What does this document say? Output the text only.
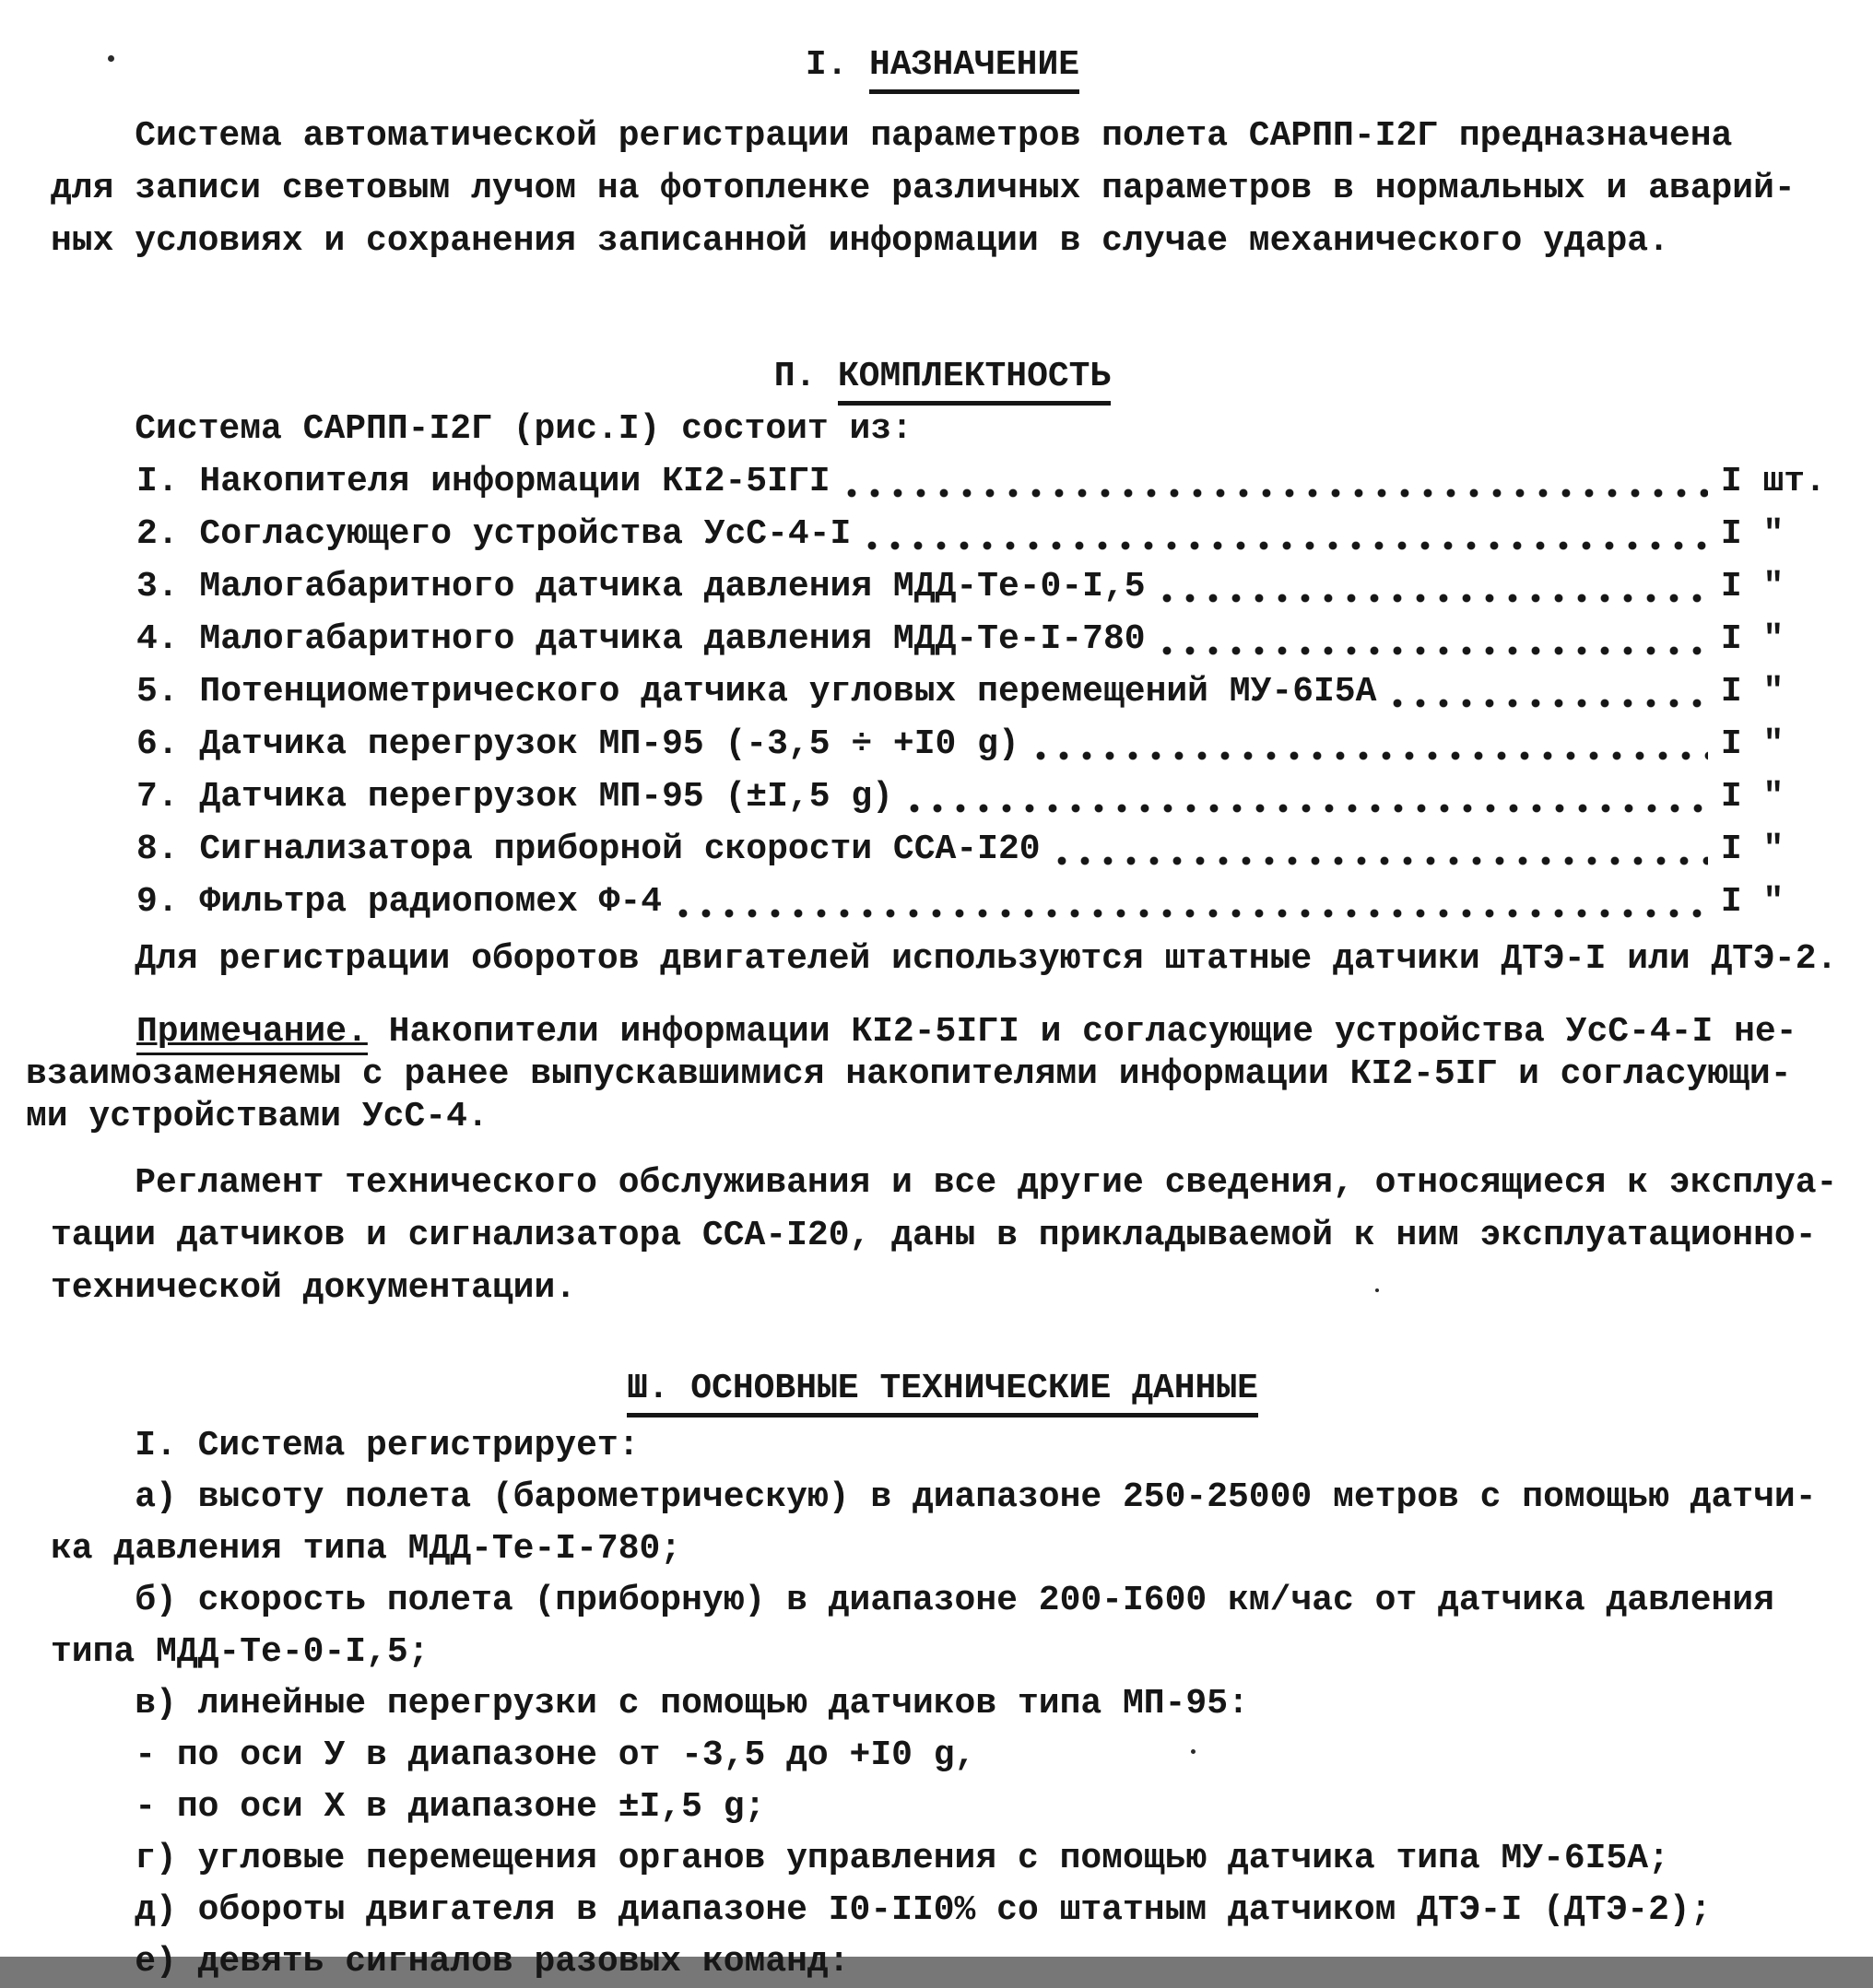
I. НАЗНАЧЕНИЕ
Система автоматической регистрации параметров полета САРПП-I2Г предназначена
для записи световым лучом на фотопленке различных параметров в нормальных и аварий-
ных условиях и сохранения записанной информации в случае механического удара.
П. КОМПЛЕКТНОСТЬ
Система САРПП-I2Г (рис.I) состоит из:
I. Накопителя информации КI2-5IГI	I шт.
2. Согласующего устройства УсС-4-I	I "
3. Малогабаритного датчика давления МДД-Те-0-I,5	I "
4. Малогабаритного датчика давления МДД-Те-I-780	I "
5. Потенциометрического датчика угловых перемещений МУ-6I5А	I "
6. Датчика перегрузок МП-95 (-3,5 ÷ +I0 g)	I "
7. Датчика перегрузок МП-95 (±I,5 g)	I "
8. Сигнализатора приборной скорости ССА-I20	I "
9. Фильтра радиопомех Ф-4	I "
Для регистрации оборотов двигателей используются штатные датчики ДТЭ-I или ДТЭ-2.
Примечание. Накопители информации КI2-5IГI и согласующие устройства УсС-4-I не-
взаимозаменяемы с ранее выпускавшимися накопителями информации КI2-5IГ и согласующи-
ми устройствами УсС-4.
Регламент технического обслуживания и все другие сведения, относящиеся к эксплуа-
тации датчиков и сигнализатора ССА-I20, даны в прикладываемой к ним эксплуатационно-
технической документации.
Ш. ОСНОВНЫЕ ТЕХНИЧЕСКИЕ ДАННЫЕ
I. Система регистрирует:
а) высоту полета (барометрическую) в диапазоне 250-25000 метров с помощью датчи-
ка давления типа МДД-Те-I-780;
б) скорость полета (приборную) в диапазоне 200-I600 км/час от датчика давления
типа МДД-Те-0-I,5;
в) линейные перегрузки с помощью датчиков типа МП-95:
- по оси У в диапазоне от -3,5 до +I0 g,
- по оси Х в диапазоне ±I,5 g;
г) угловые перемещения органов управления с помощью датчика типа МУ-6I5А;
д) обороты двигателя в диапазоне I0-II0% со штатным датчиком ДТЭ-I (ДТЭ-2);
е) девять сигналов разовых команд:
